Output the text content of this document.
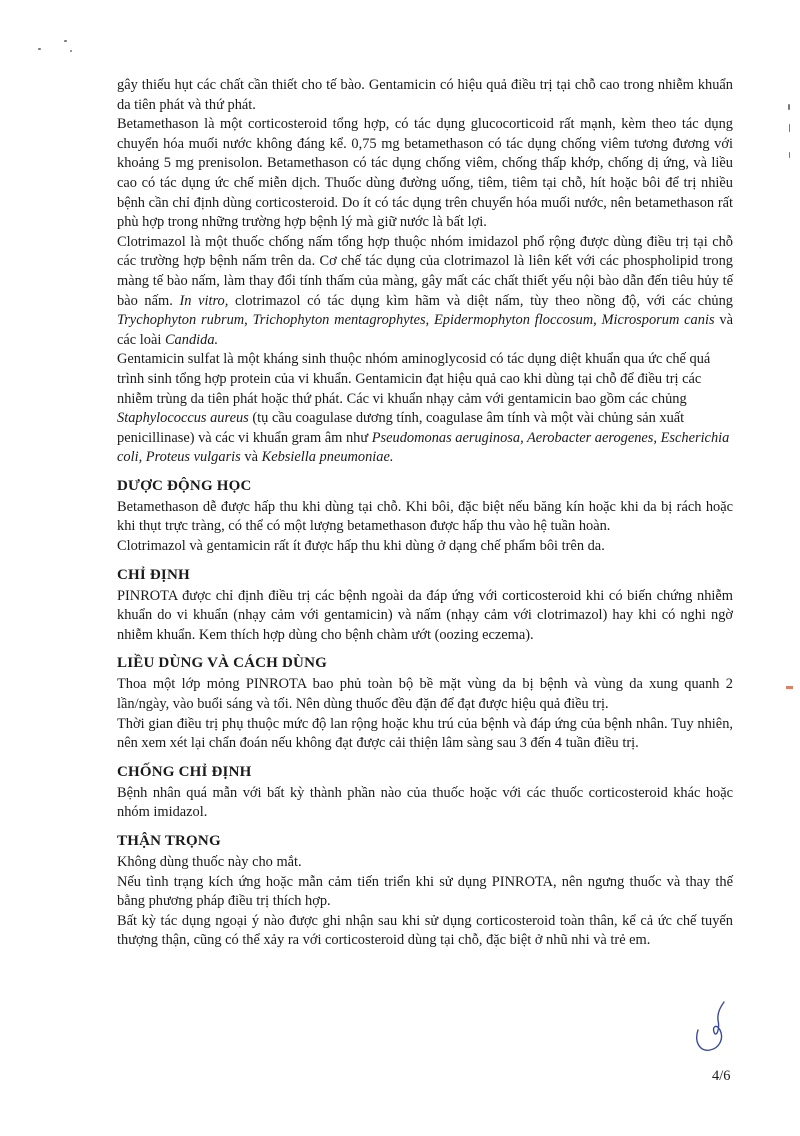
gây thiếu hụt các chất cần thiết cho tế bào. Gentamicin có hiệu quả điều trị tại chỗ cao trong nhiễm khuẩn da tiên phát và thứ phát.

Betamethason là một corticosteroid tổng hợp, có tác dụng glucocorticoid rất mạnh, kèm theo tác dụng chuyển hóa muối nước không đáng kể. 0,75 mg betamethason có tác dụng chống viêm tương đương với khoảng 5 mg prenisolon. Betamethason có tác dụng chống viêm, chống thấp khớp, chống dị ứng, và liều cao có tác dụng ức chế miễn dịch. Thuốc dùng đường uống, tiêm, tiêm tại chỗ, hít hoặc bôi để trị nhiều bệnh cần chỉ định dùng corticosteroid. Do ít có tác dụng trên chuyển hóa muối nước, nên betamethason rất phù hợp trong những trường hợp bệnh lý mà giữ nước là bất lợi.

Clotrimazol là một thuốc chống nấm tổng hợp thuộc nhóm imidazol phổ rộng được dùng điều trị tại chỗ các trường hợp bệnh nấm trên da. Cơ chế tác dụng của clotrimazol là liên kết với các phospholipid trong màng tế bào nấm, làm thay đổi tính thấm của màng, gây mất các chất thiết yếu nội bào dẫn đến tiêu hủy tế bào nấm. In vitro, clotrimazol có tác dụng kìm hãm và diệt nấm, tùy theo nồng độ, với các chủng Trychophyton rubrum, Trichophyton mentagrophytes, Epidermophyton floccosum, Microsporum canis và các loài Candida.

Gentamicin sulfat là một kháng sinh thuộc nhóm aminoglycosid có tác dụng diệt khuẩn qua ức chế quá trình sinh tổng hợp protein của vi khuẩn. Gentamicin đạt hiệu quả cao khi dùng tại chỗ để điều trị các nhiễm trùng da tiên phát hoặc thứ phát. Các vi khuẩn nhạy cảm với gentamicin bao gồm các chủng Staphylococcus aureus (tụ cầu coagulase dương tính, coagulase âm tính và một vài chủng sản xuất penicillinase) và các vi khuẩn gram âm như Pseudomonas aeruginosa, Aerobacter aerogenes, Escherichia coli, Proteus vulgaris và Kebsiella pneumoniae.

DƯỢC ĐỘNG HỌC

Betamethason dễ được hấp thu khi dùng tại chỗ. Khi bôi, đặc biệt nếu băng kín hoặc khi da bị rách hoặc khi thụt trực tràng, có thể có một lượng betamethason được hấp thu vào hệ tuần hoàn.

Clotrimazol và gentamicin rất ít được hấp thu khi dùng ở dạng chế phẩm bôi trên da.

CHỈ ĐỊNH

PINROTA được chỉ định điều trị các bệnh ngoài da đáp ứng với corticosteroid khi có biến chứng nhiễm khuẩn do vi khuẩn (nhạy cảm với gentamicin) và nấm (nhạy cảm với clotrimazol) hay khi có nghi ngờ nhiễm khuẩn. Kem thích hợp dùng cho bệnh chàm ướt (oozing eczema).

LIỀU DÙNG VÀ CÁCH DÙNG

Thoa một lớp mỏng PINROTA bao phủ toàn bộ bề mặt vùng da bị bệnh và vùng da xung quanh 2 lần/ngày, vào buổi sáng và tối. Nên dùng thuốc đều đặn để đạt được hiệu quả điều trị.

Thời gian điều trị phụ thuộc mức độ lan rộng hoặc khu trú của bệnh và đáp ứng của bệnh nhân. Tuy nhiên, nên xem xét lại chẩn đoán nếu không đạt được cải thiện lâm sàng sau 3 đến 4 tuần điều trị.

CHỐNG CHỈ ĐỊNH

Bệnh nhân quá mẫn với bất kỳ thành phần nào của thuốc hoặc với các thuốc corticosteroid khác hoặc nhóm imidazol.

THẬN TRỌNG

Không dùng thuốc này cho mắt.

Nếu tình trạng kích ứng hoặc mẫn cảm tiến triển khi sử dụng PINROTA, nên ngưng thuốc và thay thế bằng phương pháp điều trị thích hợp.

Bất kỳ tác dụng ngoại ý nào được ghi nhận sau khi sử dụng corticosteroid toàn thân, kể cả ức chế tuyến thượng thận, cũng có thể xảy ra với corticosteroid dùng tại chỗ, đặc biệt ở nhũ nhi và trẻ em.

4/6
